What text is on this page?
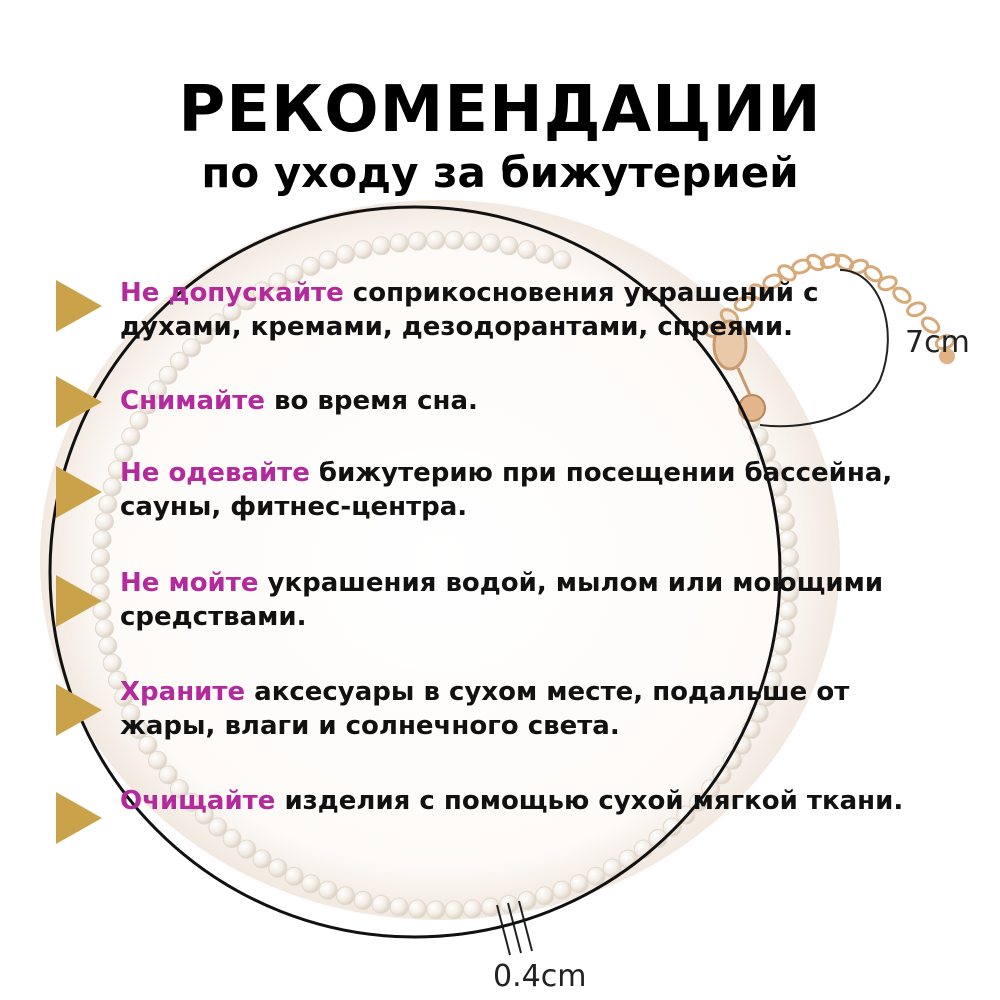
РЕКОМЕНДАЦИИ
по уходу за бижутерией
Не допускайте соприкосновения украшений с духами, кремами, дезодорантами, спреями.
Снимайте во время сна.
Не одевайте бижутерию при посещении бассейна, сауны, фитнес-центра.
Не мойте украшения водой, мылом или моющими средствами.
Храните аксесуары в сухом месте, подальше от жары, влаги и солнечного света.
Очищайте изделия с помощью сухой мягкой ткани.
7cm
0.4cm
